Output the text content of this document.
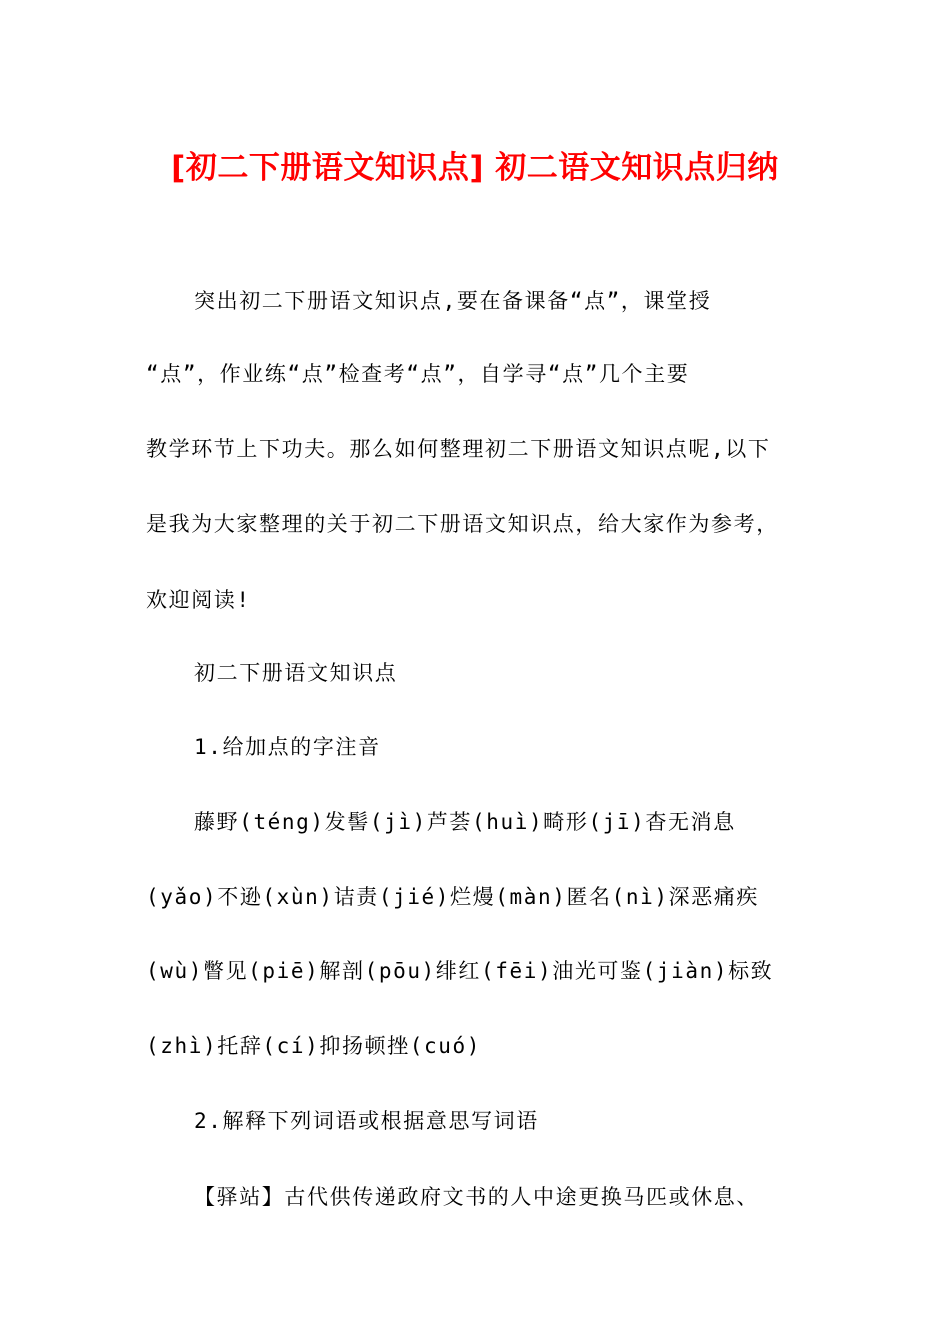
[初二下册语文知识点] 初二语文知识点归纳
突出初二下册语文知识点,要在备课备“点”，课堂授
“点”，作业练“点”检查考“点”，自学寻“点”几个主要
教学环节上下功夫。那么如何整理初二下册语文知识点呢,以下
是我为大家整理的关于初二下册语文知识点，给大家作为参考，
欢迎阅读!
初二下册语文知识点
1.给加点的字注音
藤野(téng)发髻(jì)芦荟(huì)畸形(jī)杳无消息
(yǎo)不逊(xùn)诘责(jié)烂熳(màn)匿名(nì)深恶痛疾
(wù)瞥见(piē)解剖(pōu)绯红(fēi)油光可鉴(jiàn)标致
(zhì)托辞(cí)抑扬顿挫(cuó)
2.解释下列词语或根据意思写词语
【驿站】古代供传递政府文书的人中途更换马匹或休息、
